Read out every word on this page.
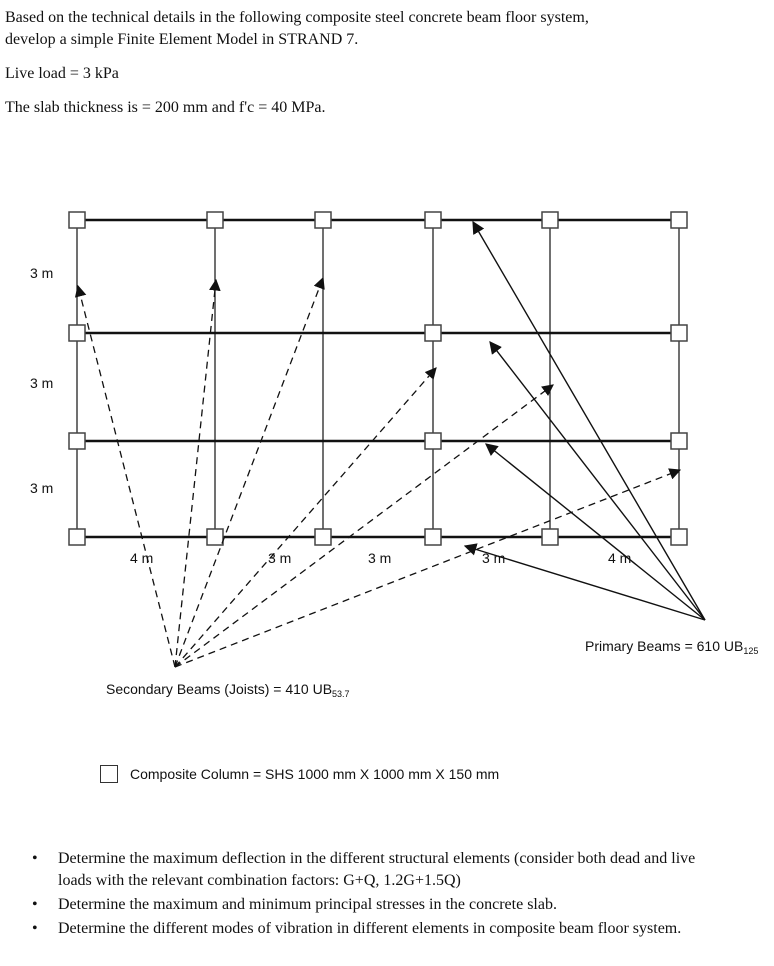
Based on the technical details in the following composite steel concrete beam floor system,

develop a simple Finite Element Model in STRAND 7.

Live load = 3 kPa

The slab thickness is = 200 mm and f'c = 40 MPa.

3 m
3 m
3 m
4 m	3 m	3 m	3 m	4 m
Primary Beams = 610 $UB_{125}$
Secondary Beams (Joists) = 410 $UB_{53.7}$
Composite Column = SHS 1000 mm X 1000 mm X 150 mm
• Determine the maximum deflection in the different structural elements (consider both dead and live loads with the relevant combination factors: G+Q, 1.2G+1.5Q)
• Determine the maximum and minimum principal stresses in the concrete slab.
• Determine the different modes of vibration in different elements in composite beam floor system.
